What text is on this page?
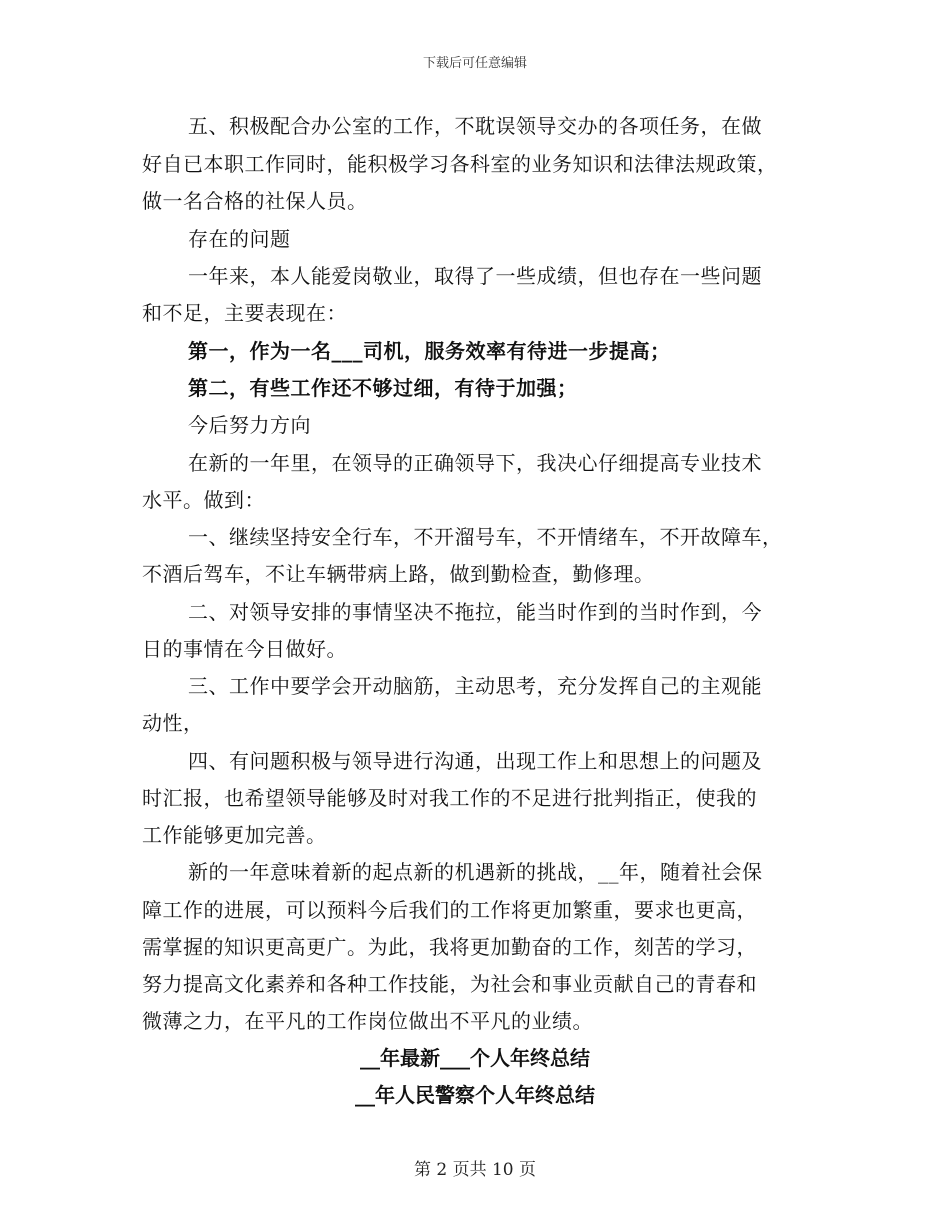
下载后可任意编辑
五、积极配合办公室的工作，不耽误领导交办的各项任务，在做
好自已本职工作同时，能积极学习各科室的业务知识和法律法规政策，
做一名合格的社保人员。
存在的问题
一年来，本人能爱岗敬业，取得了一些成绩，但也存在一些问题
和不足，主要表现在：
第一，作为一名___司机，服务效率有待进一步提高；
第二，有些工作还不够过细，有待于加强；
今后努力方向
在新的一年里，在领导的正确领导下，我决心仔细提高专业技术
水平。做到：
一、继续坚持安全行车，不开溜号车，不开情绪车，不开故障车，
不酒后驾车，不让车辆带病上路，做到勤检查，勤修理。
二、对领导安排的事情坚决不拖拉，能当时作到的当时作到，今
日的事情在今日做好。
三、工作中要学会开动脑筋，主动思考，充分发挥自己的主观能
动性，
四、有问题积极与领导进行沟通，出现工作上和思想上的问题及
时汇报，也希望领导能够及时对我工作的不足进行批判指正，使我的
工作能够更加完善。
新的一年意味着新的起点新的机遇新的挑战，__年，随着社会保
障工作的进展，可以预料今后我们的工作将更加繁重，要求也更高，
需掌握的知识更高更广。为此，我将更加勤奋的工作，刻苦的学习，
努力提高文化素养和各种工作技能，为社会和事业贡献自己的青春和
微薄之力，在平凡的工作岗位做出不平凡的业绩。
__年最新___个人年终总结
__年人民警察个人年终总结
第 2 页共 10 页
